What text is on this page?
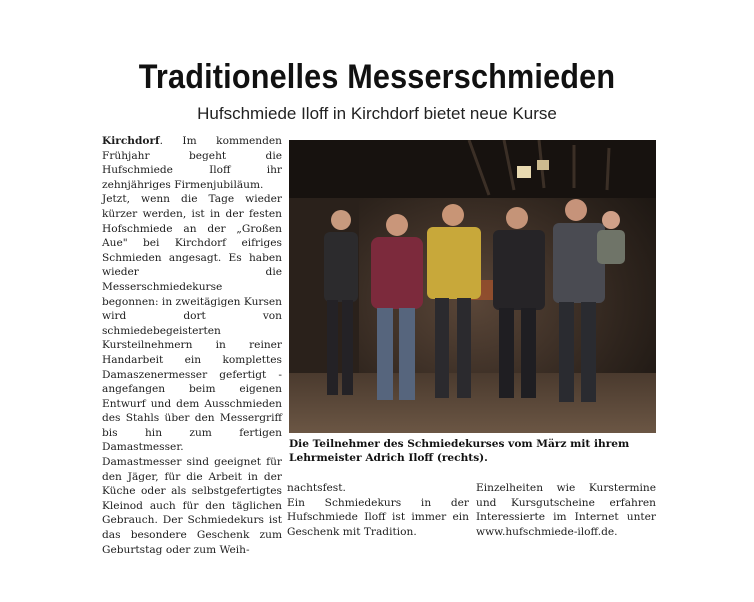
Traditionelles Messerschmieden
Hufschmiede Iloff in Kirchdorf bietet neue Kurse

Kirchdorf. Im kommenden Frühjahr begeht die Hufschmiede Iloff ihr zehnjähriges Firmenjubiläum.

Jetzt, wenn die Tage wieder kürzer werden, ist in der festen Hofschmiede an der „Großen Aue" bei Kirchdorf eifriges Schmieden angesagt. Es haben wieder die Messerschmiedekurse begonnen: in zweitägigen Kursen wird dort von schmiedebegeisterten Kursteilnehmern in reiner Handarbeit ein komplettes Damaszenermesser gefertigt - angefangen beim eigenen Entwurf und dem Ausschmieden des Stahls über den Messergriff bis hin zum fertigen Damastmesser.

Damastmesser sind geeignet für den Jäger, für die Arbeit in der Küche oder als selbstgefertigtes Kleinod auch für den täglichen Gebrauch. Der Schmiedekurs ist das besondere Geschenk zum Geburtstag oder zum Weih-

Die Teilnehmer des Schmiedekurses vom März mit ihrem Lehrmeister Adrich Iloff (rechts).

nachtsfest.

Ein Schmiedekurs in der Hufschmiede Iloff ist immer ein Geschenk mit Tradition.

Einzelheiten wie Kurstermine und Kursgutscheine erfahren Interessierte im Internet unter www.hufschmiede-iloff.de.
